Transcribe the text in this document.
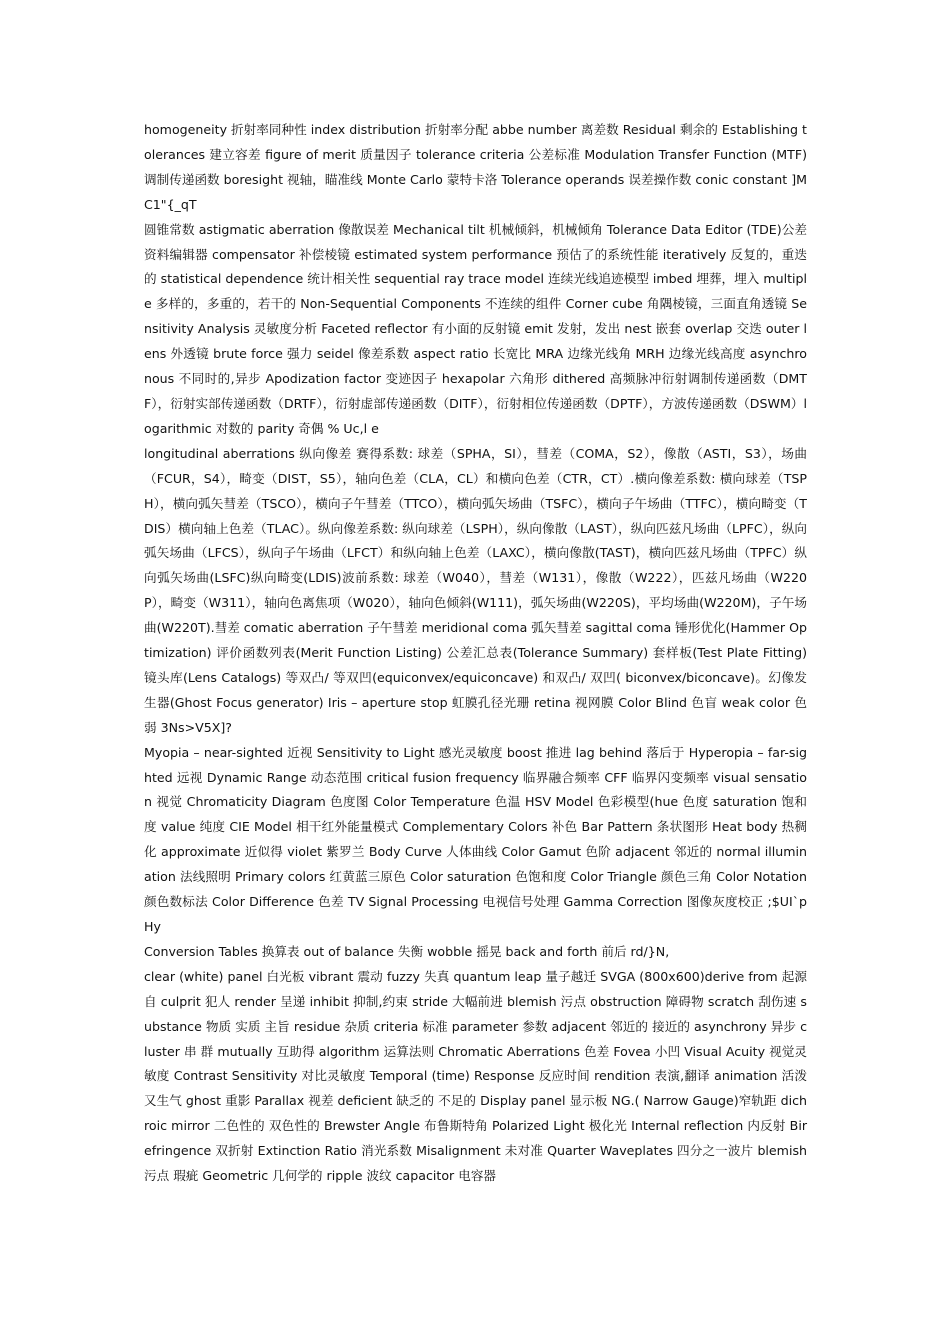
homogeneity 折射率同种性 index distribution 折射率分配 abbe number 离差数 Residual 剩余的 Establishing tolerances 建立容差 figure of merit 质量因子 tolerance criteria 公差标准 Modulation Transfer Function (MTF)调制传递函数 boresight 视轴，瞄准线 Monte Carlo 蒙特卡洛 Tolerance operands 误差操作数 conic constant ]MC1"{_qT

圆锥常数 astigmatic aberration 像散误差 Mechanical tilt 机械倾斜，机械倾角 Tolerance Data Editor (TDE)公差资料编辑器 compensator 补偿棱镜 estimated system performance 预估了的系统性能 iteratively 反复的，重迭的 statistical dependence 统计相关性 sequential ray trace model 连续光线追迹模型 imbed 埋葬，埋入 multiple 多样的，多重的，若干的 Non-Sequential Components 不连续的组件 Corner cube 角隅棱镜，三面直角透镜 Sensitivity Analysis 灵敏度分析 Faceted reflector 有小面的反射镜 emit 发射，发出 nest 嵌套 overlap 交迭 outer lens 外透镜 brute force 强力 seidel 像差系数 aspect ratio 长宽比 MRA 边缘光线角 MRH 边缘光线高度 asynchronous 不同时的,异步 Apodization factor 变迹因子 hexapolar 六角形 dithered 高频脉冲衍射调制传递函数（DMTF），衍射实部传递函数（DRTF），衍射虚部传递函数（DITF），衍射相位传递函数（DPTF），方波传递函数（DSWM）logarithmic 对数的 parity 奇偶 % Uc,l e

longitudinal aberrations 纵向像差 赛得系数: 球差（SPHA，SI），彗差（COMA，S2），像散（ASTI，S3），场曲（FCUR，S4），畸变（DIST，S5），轴向色差（CLA，CL）和横向色差（CTR，CT）.横向像差系数: 横向球差（TSPH），横向弧矢彗差（TSCO），横向子午彗差（TTCO），横向弧矢场曲（TSFC），横向子午场曲（TTFC），横向畸变（TDIS）横向轴上色差（TLAC）。纵向像差系数: 纵向球差（LSPH），纵向像散（LAST），纵向匹兹凡场曲（LPFC），纵向弧矢场曲（LFCS），纵向子午场曲（LFCT）和纵向轴上色差（LAXC），横向像散(TAST)，横向匹兹凡场曲（TPFC）纵向弧矢场曲(LSFC)纵向畸变(LDIS)波前系数: 球差（W040），彗差（W131），像散（W222），匹兹凡场曲（W220P），畸变（W311），轴向色离焦项（W020），轴向色倾斜(W111)，弧矢场曲(W220S)，平均场曲(W220M)，子午场曲(W220T).彗差 comatic aberration 子午彗差 meridional coma 弧矢彗差 sagittal coma 锤形优化(Hammer Optimization) 评价函数列表(Merit Function Listing) 公差汇总表(Tolerance Summary) 套样板(Test Plate Fitting) 镜头库(Lens Catalogs) 等双凸/ 等双凹(equiconvex/equiconcave) 和双凸/ 双凹( biconvex/biconcave)。幻像发生器(Ghost Focus generator) Iris – aperture stop 虹膜孔径光珊 retina 视网膜 Color Blind 色盲 weak color 色弱 3Ns>V5X]?

Myopia – near-sighted 近视 Sensitivity to Light 感光灵敏度 boost 推进 lag behind 落后于 Hyperopia – far-sighted 远视 Dynamic Range 动态范围 critical fusion frequency 临界融合频率 CFF 临界闪变频率 visual sensation 视觉 Chromaticity Diagram 色度图 Color Temperature 色温 HSV Model 色彩模型(hue 色度 saturation 饱和度 value 纯度 CIE Model 相干红外能量模式 Complementary Colors 补色 Bar Pattern 条状图形 Heat body 热稠化 approximate 近似得 violet 紫罗兰 Body Curve 人体曲线 Color Gamut 色阶 adjacent 邻近的 normal illumination 法线照明 Primary colors 红黄蓝三原色 Color saturation 色饱和度 Color Triangle 颜色三角 Color Notation 颜色数标法 Color Difference 色差 TV Signal Processing 电视信号处理 Gamma Correction 图像灰度校正 ;$UI`pHy

Conversion Tables 换算表 out of balance 失衡 wobble 摇晃 back and forth 前后 rd/}N,

clear (white) panel 白光板 vibrant 震动 fuzzy 失真 quantum leap 量子越迁 SVGA (800x600)derive from 起源自 culprit 犯人 render 呈递 inhibit 抑制,约束 stride 大幅前进 blemish 污点 obstruction 障碍物 scratch 刮伤速 substance 物质 实质 主旨 residue 杂质 criteria 标准 parameter 参数 adjacent 邻近的 接近的 asynchrony 异步 cluster 串 群 mutually 互助得 algorithm 运算法则 Chromatic Aberrations 色差 Fovea 小凹 Visual Acuity 视觉灵敏度 Contrast Sensitivity 对比灵敏度 Temporal (time) Response 反应时间 rendition 表演,翻译 animation 活泼 又生气 ghost 重影 Parallax 视差 deficient 缺乏的 不足的 Display panel 显示板 NG.( Narrow Gauge)窄轨距 dichroic mirror 二色性的 双色性的 Brewster Angle 布鲁斯特角 Polarized Light 极化光 Internal reflection 内反射 Birefringence 双折射 Extinction Ratio 消光系数 Misalignment 未对准 Quarter Waveplates 四分之一波片 blemish 污点 瑕疵 Geometric 几何学的 ripple 波纹 capacitor 电容器
